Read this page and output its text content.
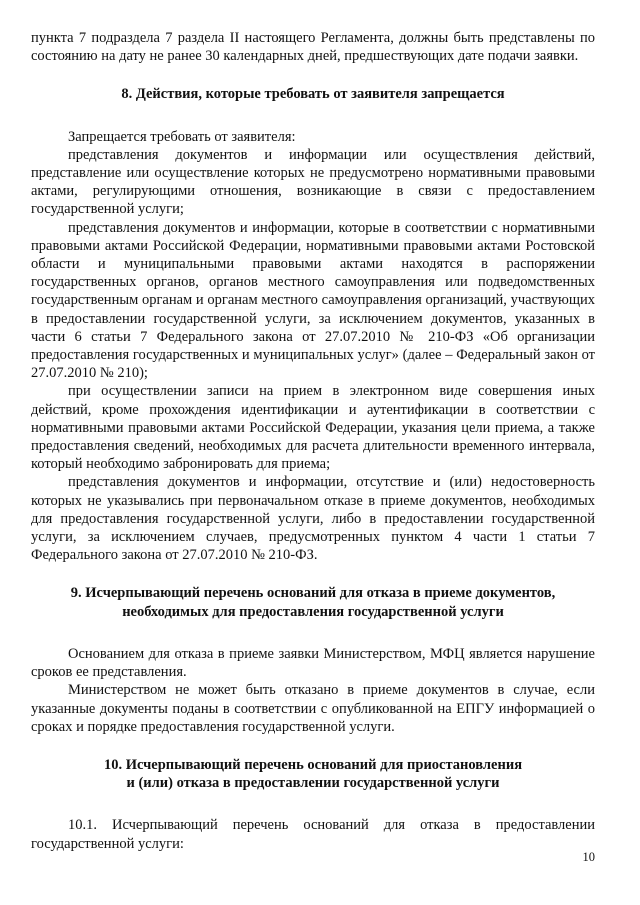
пункта 7 подраздела 7 раздела II настоящего Регламента, должны быть представлены по состоянию на дату не ранее 30 календарных дней, предшествующих дате подачи заявки.

8. Действия, которые требовать от заявителя запрещается

Запрещается требовать от заявителя:

представления документов и информации или осуществления действий, представление или осуществление которых не предусмотрено нормативными правовыми актами, регулирующими отношения, возникающие в связи с предоставлением государственной услуги;

представления документов и информации, которые в соответствии с нормативными правовыми актами Российской Федерации, нормативными правовыми актами Ростовской области и муниципальными правовыми актами находятся в распоряжении государственных органов, органов местного самоуправления или подведомственных государственным органам и органам местного самоуправления организаций, участвующих в предоставлении государственной услуги, за исключением документов, указанных в части 6 статьи 7 Федерального закона от 27.07.2010 № 210-ФЗ «Об организации предоставления государственных и муниципальных услуг» (далее – Федеральный закон от 27.07.2010 № 210);

при осуществлении записи на прием в электронном виде совершения иных действий, кроме прохождения идентификации и аутентификации в соответствии с нормативными правовыми актами Российской Федерации, указания цели приема, а также предоставления сведений, необходимых для расчета длительности временного интервала, который необходимо забронировать для приема;

представления документов и информации, отсутствие и (или) недостоверность которых не указывались при первоначальном отказе в приеме документов, необходимых для предоставления государственной услуги, либо в предоставлении государственной услуги, за исключением случаев, предусмотренных пунктом 4 части 1 статьи 7 Федерального закона от 27.07.2010 № 210-ФЗ.

9. Исчерпывающий перечень оснований для отказа в приеме документов,
необходимых для предоставления государственной услуги

Основанием для отказа в приеме заявки Министерством, МФЦ является нарушение сроков ее представления.

Министерством не может быть отказано в приеме документов в случае, если указанные документы поданы в соответствии с опубликованной на ЕПГУ информацией о сроках и порядке предоставления государственной услуги.

10. Исчерпывающий перечень оснований для приостановления
и (или) отказа в предоставлении государственной услуги

10.1. Исчерпывающий перечень оснований для отказа в предоставлении государственной услуги:

10
